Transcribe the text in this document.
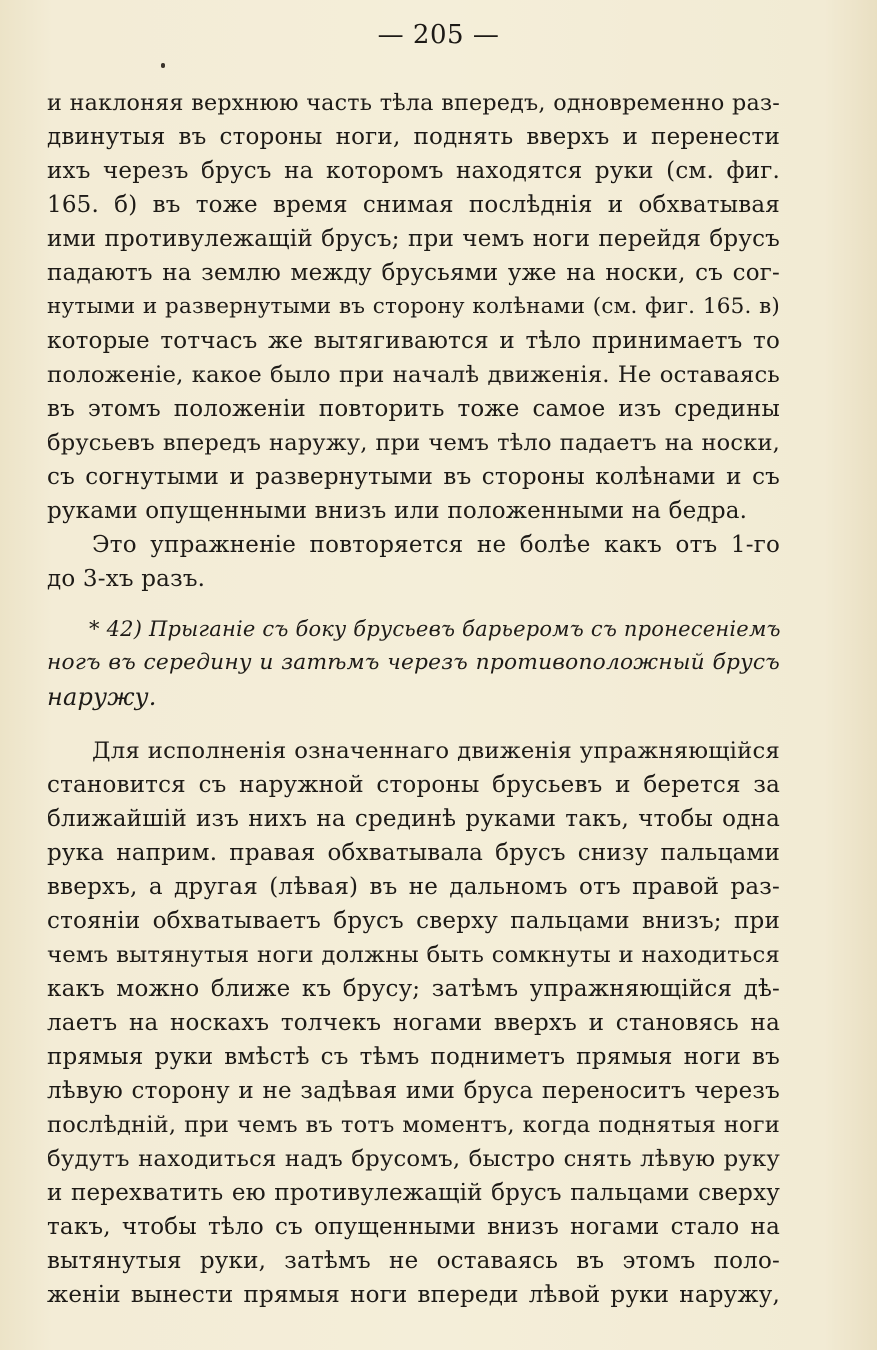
— 205 —
и наклоняя верхнюю часть тѣла впередъ, одновременно раз-
двинутыя въ стороны ноги, поднять вверхъ и перенести
ихъ черезъ брусъ на которомъ находятся руки (см. фиг.
165. б) въ тоже время снимая послѣднія и обхватывая
ими противулежащій брусъ; при чемъ ноги перейдя брусъ
падаютъ на землю между брусьями уже на носки, съ сог-
нутыми и развернутыми въ сторону колѣнами (см. фиг. 165. в)
которые тотчасъ же вытягиваются и тѣло принимаетъ то
положеніе, какое было при началѣ движенія. Не оставаясь
въ этомъ положеніи повторить тоже самое изъ средины
брусьевъ впередъ наружу, при чемъ тѣло падаетъ на носки,
съ согнутыми и развернутыми въ стороны колѣнами и съ
руками опущенными внизъ или положенными на бедра.
Это упражненіе повторяется не болѣе какъ отъ 1-го
до 3-хъ разъ.
* 42) Прыганіе съ боку брусьевъ барьеромъ съ пронесеніемъ
ногъ въ середину и затѣмъ черезъ противоположный брусъ
наружу.
Для исполненія означеннаго движенія упражняющійся
становится съ наружной стороны брусьевъ и берется за
ближайшій изъ нихъ на срединѣ руками такъ, чтобы одна
рука наприм. правая обхватывала брусъ снизу пальцами
вверхъ, а другая (лѣвая) въ не дальномъ отъ правой раз-
стояніи обхватываетъ брусъ сверху пальцами внизъ; при
чемъ вытянутыя ноги должны быть сомкнуты и находиться
какъ можно ближе къ брусу; затѣмъ упражняющійся дѣ-
лаетъ на носкахъ толчекъ ногами вверхъ и становясь на
прямыя руки вмѣстѣ съ тѣмъ подниметъ прямыя ноги въ
лѣвую сторону и не задѣвая ими бруса переноситъ черезъ
послѣдній, при чемъ въ тотъ моментъ, когда поднятыя ноги
будутъ находиться надъ брусомъ, быстро снять лѣвую руку
и перехватить ею противулежащій брусъ пальцами сверху
такъ, чтобы тѣло съ опущенными внизъ ногами стало на
вытянутыя руки, затѣмъ не оставаясь въ этомъ поло-
женіи вынести прямыя ноги впереди лѣвой руки наружу,
